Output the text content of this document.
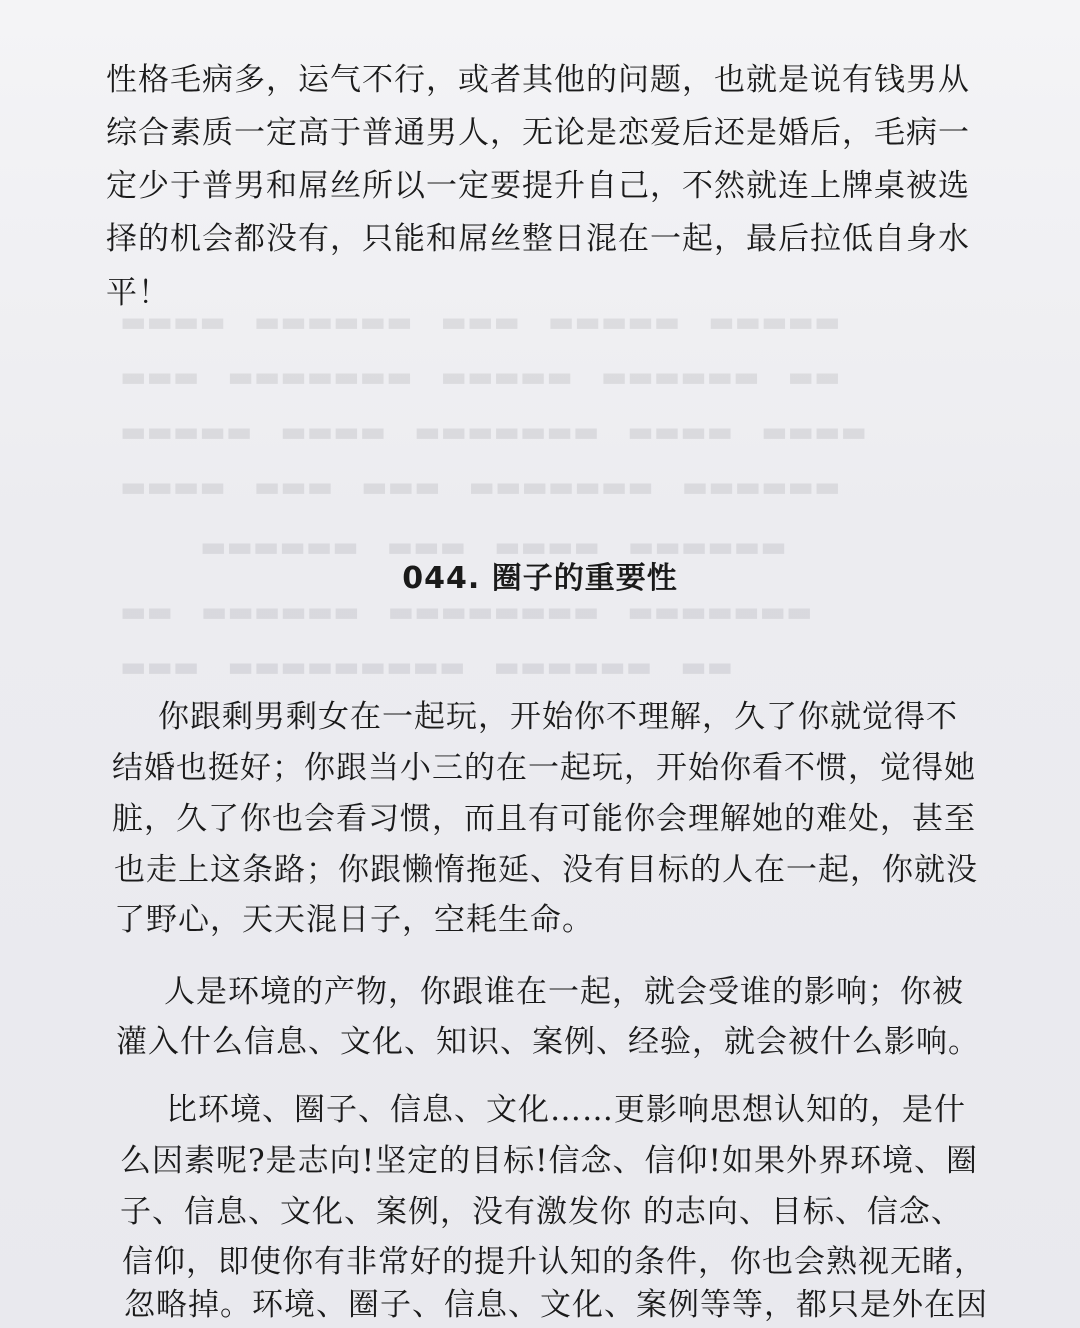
▬▬▬▬　▬▬▬▬▬▬　▬▬▬　▬▬▬▬▬　▬▬▬▬▬
▬▬▬　▬▬▬▬▬▬▬　▬▬▬▬▬　▬▬▬▬▬▬　▬▬
▬▬▬▬▬　▬▬▬▬　▬▬▬▬▬▬▬　▬▬▬▬　▬▬▬▬
▬▬▬▬　▬▬▬　▬▬▬　▬▬▬▬▬▬▬　▬▬▬▬▬▬
▬▬▬▬▬▬　▬▬▬　▬▬▬▬　▬▬▬▬▬▬
▬▬　▬▬▬▬▬▬　▬▬▬▬▬▬▬▬　▬▬▬▬▬▬▬
▬▬▬　▬▬▬▬▬▬▬▬▬　▬▬▬▬▬▬　▬▬
性格毛病多，运气不行，或者其他的问题，也就是说有钱男从
综合素质一定高于普通男人，无论是恋爱后还是婚后，毛病一
定少于普男和屌丝所以一定要提升自己，不然就连上牌桌被选
择的机会都没有，只能和屌丝整日混在一起，最后拉低自身水
平！
044. 圈子的重要性
你跟剩男剩女在一起玩，开始你不理解，久了你就觉得不
结婚也挺好；你跟当小三的在一起玩，开始你看不惯，觉得她
脏，久了你也会看习惯，而且有可能你会理解她的难处，甚至
也走上这条路；你跟懒惰拖延、没有目标的人在一起，你就没
了野心，天天混日子，空耗生命。
人是环境的产物，你跟谁在一起，就会受谁的影响；你被
灌入什么信息、文化、知识、案例、经验，就会被什么影响。
比环境、圈子、信息、文化……更影响思想认知的，是什
么因素呢?是志向!坚定的目标!信念、信仰!如果外界环境、圈
子、信息、文化、案例，没有激发你 的志向、目标、信念、
信仰，即使你有非常好的提升认知的条件，你也会熟视无睹，
忽略掉。环境、圈子、信息、文化、案例等等，都只是外在因
